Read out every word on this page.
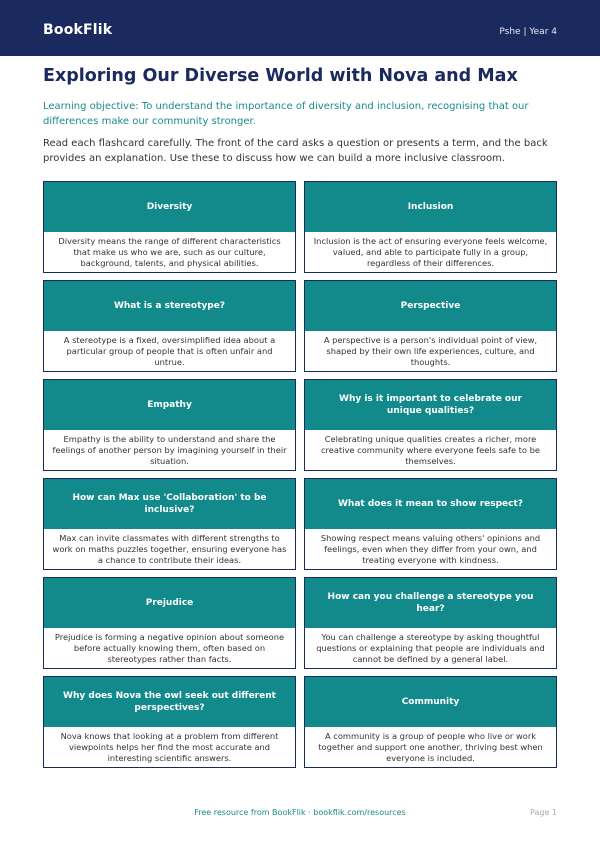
BookFlik	Pshe | Year 4
Exploring Our Diverse World with Nova and Max
Learning objective: To understand the importance of diversity and inclusion, recognising that our differences make our community stronger.
Read each flashcard carefully. The front of the card asks a question or presents a term, and the back provides an explanation. Use these to discuss how we can build a more inclusive classroom.
Diversity
Diversity means the range of different characteristics that make us who we are, such as our culture, background, talents, and physical abilities.
Inclusion
Inclusion is the act of ensuring everyone feels welcome, valued, and able to participate fully in a group, regardless of their differences.
What is a stereotype?
A stereotype is a fixed, oversimplified idea about a particular group of people that is often unfair and untrue.
Perspective
A perspective is a person's individual point of view, shaped by their own life experiences, culture, and thoughts.
Empathy
Empathy is the ability to understand and share the feelings of another person by imagining yourself in their situation.
Why is it important to celebrate our unique qualities?
Celebrating unique qualities creates a richer, more creative community where everyone feels safe to be themselves.
How can Max use 'Collaboration' to be inclusive?
Max can invite classmates with different strengths to work on maths puzzles together, ensuring everyone has a chance to contribute their ideas.
What does it mean to show respect?
Showing respect means valuing others' opinions and feelings, even when they differ from your own, and treating everyone with kindness.
Prejudice
Prejudice is forming a negative opinion about someone before actually knowing them, often based on stereotypes rather than facts.
How can you challenge a stereotype you hear?
You can challenge a stereotype by asking thoughtful questions or explaining that people are individuals and cannot be defined by a general label.
Why does Nova the owl seek out different perspectives?
Nova knows that looking at a problem from different viewpoints helps her find the most accurate and interesting scientific answers.
Community
A community is a group of people who live or work together and support one another, thriving best when everyone is included.
Free resource from BookFlik · bookflik.com/resources	Page 1
